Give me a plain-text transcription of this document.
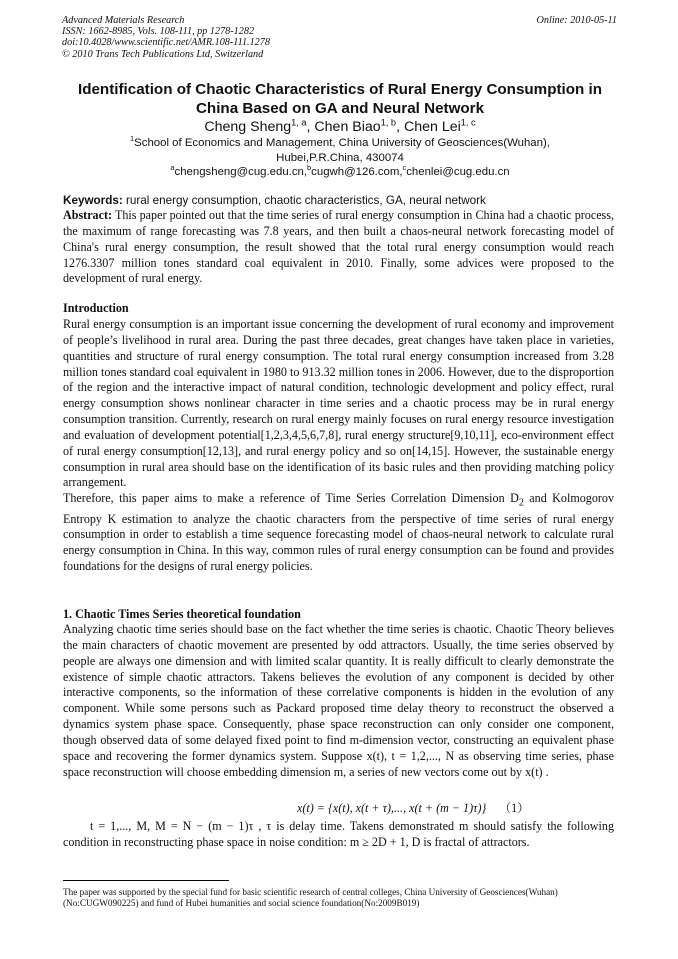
Advanced Materials Research
ISSN: 1662-8985, Vols. 108-111, pp 1278-1282
doi:10.4028/www.scientific.net/AMR.108-111.1278
© 2010 Trans Tech Publications Ltd, Switzerland
Online: 2010-05-11
Identification of Chaotic Characteristics of Rural Energy Consumption in
China Based on GA and Neural Network
Cheng Sheng$^{1, a}$, Chen Biao$^{1, b}$, Chen Lei$^{1, c}$
$^1$School of Economics and Management, China University of Geosciences(Wuhan),
Hubei,P.R.China, 430074
$^a$chengsheng@cug.edu.cn,$^b$cugwh@126.com,$^c$chenlei@cug.edu.cn
Keywords: rural energy consumption, chaotic characteristics, GA, neural network
Abstract: This paper pointed out that the time series of rural energy consumption in China had a chaotic process, the maximum of range forecasting was 7.8 years, and then built a chaos-neural network forecasting model of China's rural energy consumption, the result showed that the total rural energy consumption would reach 1276.3307 million tones standard coal equivalent in 2010. Finally, some advices were proposed to the development of rural energy.
Introduction

Rural energy consumption is an important issue concerning the development of rural economy and improvement of people’s livelihood in rural area. During the past three decades, great changes have taken place in varieties, quantities and structure of rural energy consumption. The total rural energy consumption increased from 3.28 million tones standard coal equivalent in 1980 to 913.32 million tones in 2006. However, due to the disproportion of the region and the interactive impact of natural condition, technologic development and policy effect, rural energy consumption shows nonlinear character in time series and a chaotic process may be in rural energy consumption transition. Currently, research on rural energy mainly focuses on rural energy resource investigation and evaluation of development potential[1,2,3,4,5,6,7,8], rural energy structure[9,10,11], eco-environment effect of rural energy consumption[12,13], and rural energy policy and so on[14,15]. However, the sustainable energy consumption in rural area should base on the identification of its basic rules and then providing matching policy arrangement.

Therefore, this paper aims to make a reference of Time Series Correlation Dimension $D_2$ and Kolmogorov Entropy K estimation to analyze the chaotic characters from the perspective of time series of rural energy consumption in order to establish a time sequence forecasting model of chaos-neural network to calculate rural energy consumption in China. In this way, common rules of rural energy consumption can be found and provides foundations for the designs of rural energy policies.

1. Chaotic Times Series theoretical foundation

Analyzing chaotic time series should base on the fact whether the time series is chaotic. Chaotic Theory believes the main characters of chaotic movement are presented by odd attractors. Usually, the time series observed by people are always one dimension and with limited scalar quantity. It is really difficult to clearly demonstrate the existence of simple chaotic attractors. Takens believes the evolution of any component is decided by other interactive components, so the information of these correlative components is hidden in the evolution of any component. While some persons such as Packard proposed time delay theory to reconstruct the observed a dynamics system phase space. Consequently, phase space reconstruction can only consider one component, though observed data of some delayed fixed point to find m-dimension vector, constructing an equivalent phase space and recovering the former dynamics system. Suppose x(t), t = 1,2,..., N as observing time series, phase space reconstruction will choose embedding dimension m, a series of new vectors come out by x(t) .

x(t) = {x(t), x(t + τ),..., x(t + (m − 1)τ)} （1）

t = 1,..., M, M = N − (m − 1)τ , τ is delay time. Takens demonstrated m should satisfy the following condition in reconstructing phase space in noise condition: m ≥ 2D + 1, D is fractal of attractors.

The paper was supported by the special fund for basic scientific research of central colleges, China University of Geosciences(Wuhan)(No:CUGW090225) and fund of Hubei humanities and social science foundation(No:2009B019)
